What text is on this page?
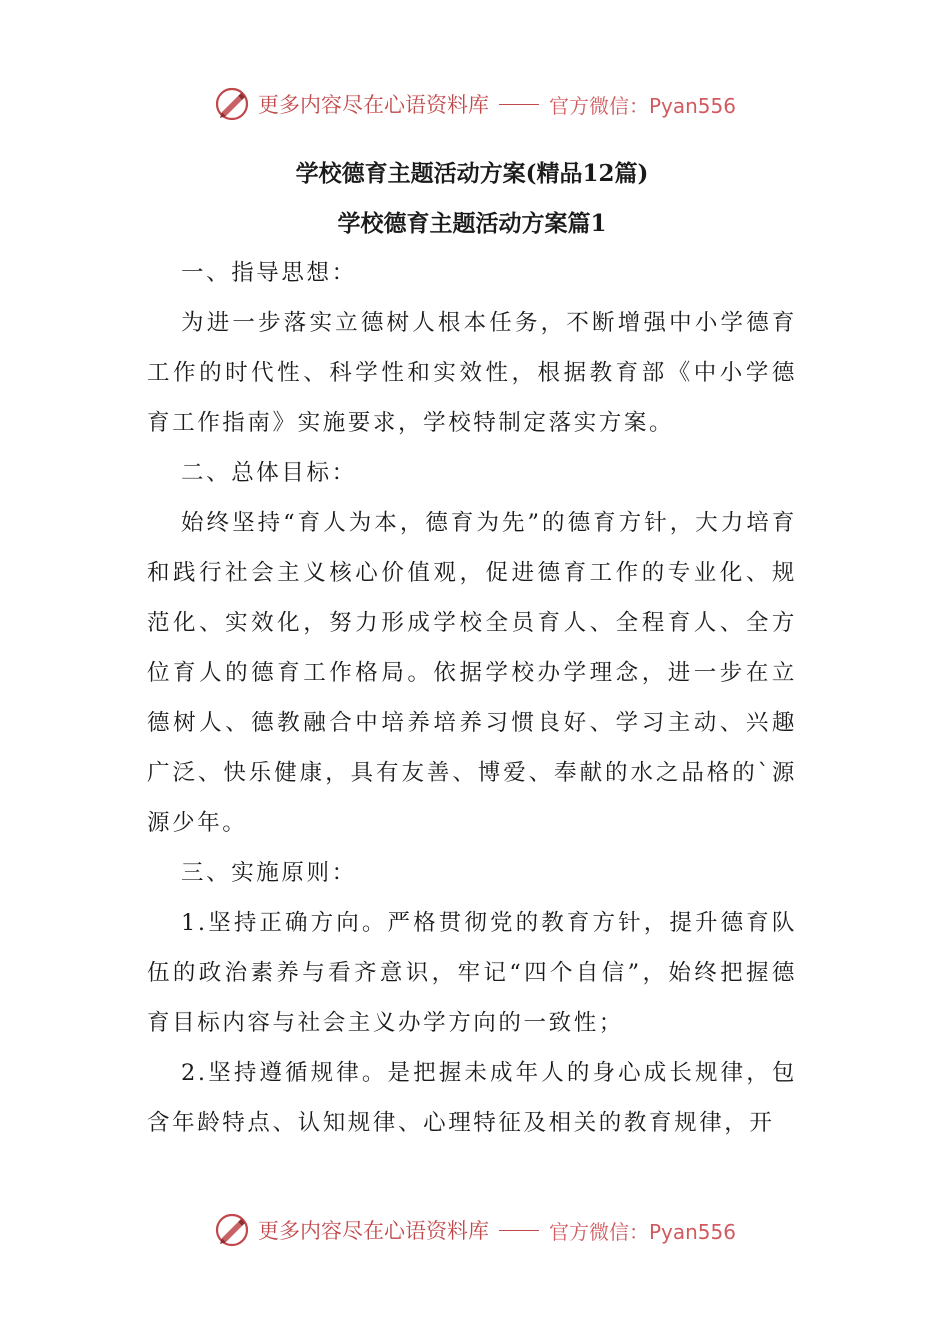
更多内容尽在心语资料库	官方微信：Pyan556

学校德育主题活动方案(精品12篇)

学校德育主题活动方案篇1

一、指导思想：

为进一步落实立德树人根本任务，不断增强中小学德育工作的时代性、科学性和实效性，根据教育部《中小学德育工作指南》实施要求，学校特制定落实方案。

二、总体目标：

始终坚持“育人为本，德育为先”的德育方针，大力培育和践行社会主义核心价值观，促进德育工作的专业化、规范化、实效化，努力形成学校全员育人、全程育人、全方位育人的德育工作格局。依据学校办学理念，进一步在立德树人、德教融合中培养培养习惯良好、学习主动、兴趣广泛、快乐健康，具有友善、博爱、奉献的水之品格的`源源少年。

三、实施原则：

1.坚持正确方向。严格贯彻党的教育方针，提升德育队伍的政治素养与看齐意识，牢记“四个自信”，始终把握德育目标内容与社会主义办学方向的一致性；

2.坚持遵循规律。是把握未成年人的身心成长规律，包含年龄特点、认知规律、心理特征及相关的教育规律，开

更多内容尽在心语资料库	官方微信：Pyan556
